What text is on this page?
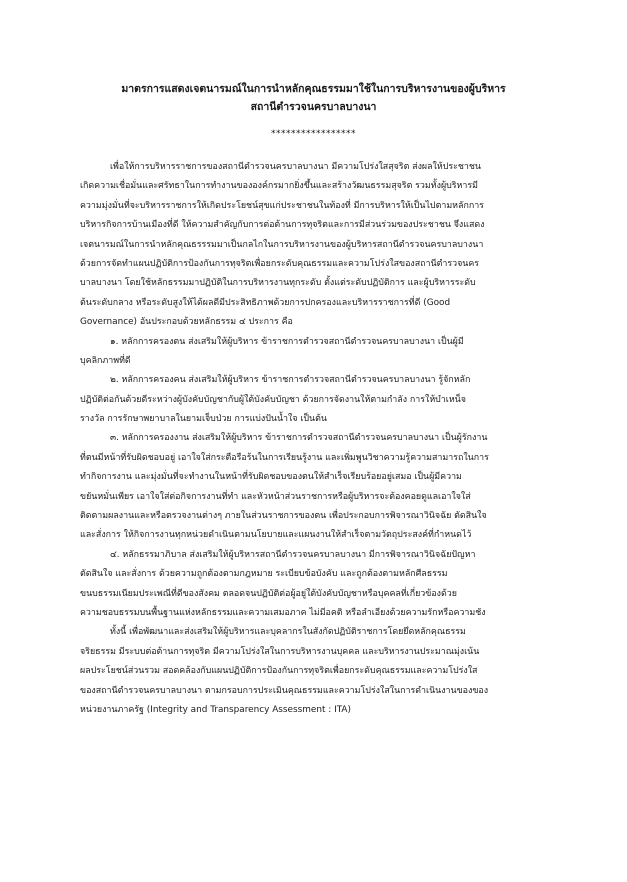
มาตรการแสดงเจตนารมณ์ในการนำหลักคุณธรรมมาใช้ในการบริหารงานของผู้บริหาร
สถานีตำรวจนครบาลบางนา
*****************
เพื่อให้การบริหารราชการของสถานีตำรวจนครบาลบางนา มีความโปร่งใสสุจริต ส่งผลให้ประชาชน
เกิดความเชื่อมั่นและศรัทธาในการทำงานขององค์กรมากยิ่งขึ้นและสร้างวัฒนธรรมสุจริต รวมทั้งผู้บริหารมี
ความมุ่งมั่นที่จะบริหารราชการให้เกิดประโยชน์สุขแก่ประชาชนในท้องที่ มีการบริหารให้เป็นไปตามหลักการ
บริหารกิจการบ้านเมืองที่ดี ให้ความสำคัญกับการต่อต้านการทุจริตและการมีส่วนร่วมของประชาชน จึงแสดง
เจตนารมณ์ในการนำหลักคุณธรรรมมาเป็นกลไกในการบริหารงานของผู้บริหารสถานีตำรวจนครบาลบางนา
ด้วยการจัดทำแผนปฏิบัติการป้องกันการทุจริตเพื่อยกระดับคุณธรรมและความโปร่งใสของสถานีตำรวจนคร
บาลบางนา โดยใช้หลักธรรมมาปฏิบัติในการบริหารงานทุกระดับ ตั้งแต่ระดับปฏิบัติการ และผู้บริหารระดับ
ต้นระดับกลาง หรือระดับสูงให้ได้ผลดีมีประสิทธิภาพด้วยการปกครองและบริหารราชการที่ดี (Good
Governance) อันประกอบด้วยหลักธรรม ๔ ประการ คือ
๑. หลักการครองตน ส่งเสริมให้ผู้บริหาร ข้าราชการตำรวจสถานีตำรวจนครบาลบางนา เป็นผู้มี
บุคลิกภาพที่ดี
๒. หลักการครองคน ส่งเสริมให้ผู้บริหาร ข้าราชการตำรวจสถานีตำรวจนครบาลบางนา รู้จักหลัก
ปฏิบัติต่อกันด้วยดีระหว่างผู้บังคับบัญชากับผู้ใต้บังคับบัญชา ด้วยการจัดงานให้ตามกำลัง การให้บำเหน็จ
รางวัล การรักษาพยาบาลในยามเจ็บป่วย การแบ่งปันน้ำใจ เป็นต้น
๓. หลักการครองงาน ส่งเสริมให้ผู้บริหาร ข้าราชการตำรวจสถานีตำรวจนครบาลบางนา เป็นผู้รักงาน
ที่ตนมีหน้าที่รับผิดชอบอยู่ เอาใจใส่กระตือรือร้นในการเรียนรู้งาน และเพิ่มพูนวิชาความรู้ความสามารถในการ
ทำกิจการงาน และมุ่งมั่นที่จะทำงานในหน้าที่รับผิดชอบของตนให้สำเร็จเรียบร้อยอยู่เสมอ เป็นผู้มีความ
ขยันหมั่นเพียร เอาใจใส่ต่อกิจการงานที่ทำ และหัวหน้าส่วนราชการหรือผู้บริหารจะต้องคอยดูแลเอาใจใส่
ติดตามผลงานและหรือตรวจงานต่างๆ ภายในส่วนราชการของตน เพื่อประกอบการพิจารณาวินิจฉัย ตัดสินใจ
และสั่งการ ให้กิจการงานทุกหน่วยดำเนินตามนโยบายและแผนงานให้สำเร็จตามวัตถุประสงค์ที่กำหนดไว้
๔. หลักธรรมาภิบาล ส่งเสริมให้ผู้บริหารสถานีตำรวจนครบาลบางนา มีการพิจารณาวินิจฉัยปัญหา
ตัดสินใจ และสั่งการ ด้วยความถูกต้องตามกฎหมาย ระเบียบข้อบังคับ และถูกต้องตามหลักศีลธรรม
ขนบธรรมเนียมประเพณีที่ดีของสังคม ตลอดจนปฏิบัติต่อผู้อยู่ใต้บังคับบัญชาหรือบุคคลที่เกี่ยวข้องด้วย
ความชอบธรรมบนพื้นฐานแห่งหลักธรรมและความเสมอภาค ไม่มีอคติ หรือลำเอียงด้วยความรักหรือความชัง
ทั้งนี้ เพื่อพัฒนาและส่งเสริมให้ผู้บริหารและบุคลากรในสังกัดปฏิบัติราชการโดยยึดหลักคุณธรรม
จริยธรรม มีระบบต่อต้านการทุจริต มีความโปร่งใสในการบริหารงานบุคคล และบริหารงานประมาณมุ่งเน้น
ผลประโยชน์ส่วนรวม สอดคล้องกับแผนปฏิบัติการป้องกันการทุจริตเพื่อยกระดับคุณธรรมและความโปร่งใส
ของสถานีตำรวจนครบาลบางนา ตามกรอบการประเมินคุณธรรมและความโปร่งใสในการดำเนินงานของของ
หน่วยงานภาครัฐ (Integrity and Transparency Assessment : ITA)
